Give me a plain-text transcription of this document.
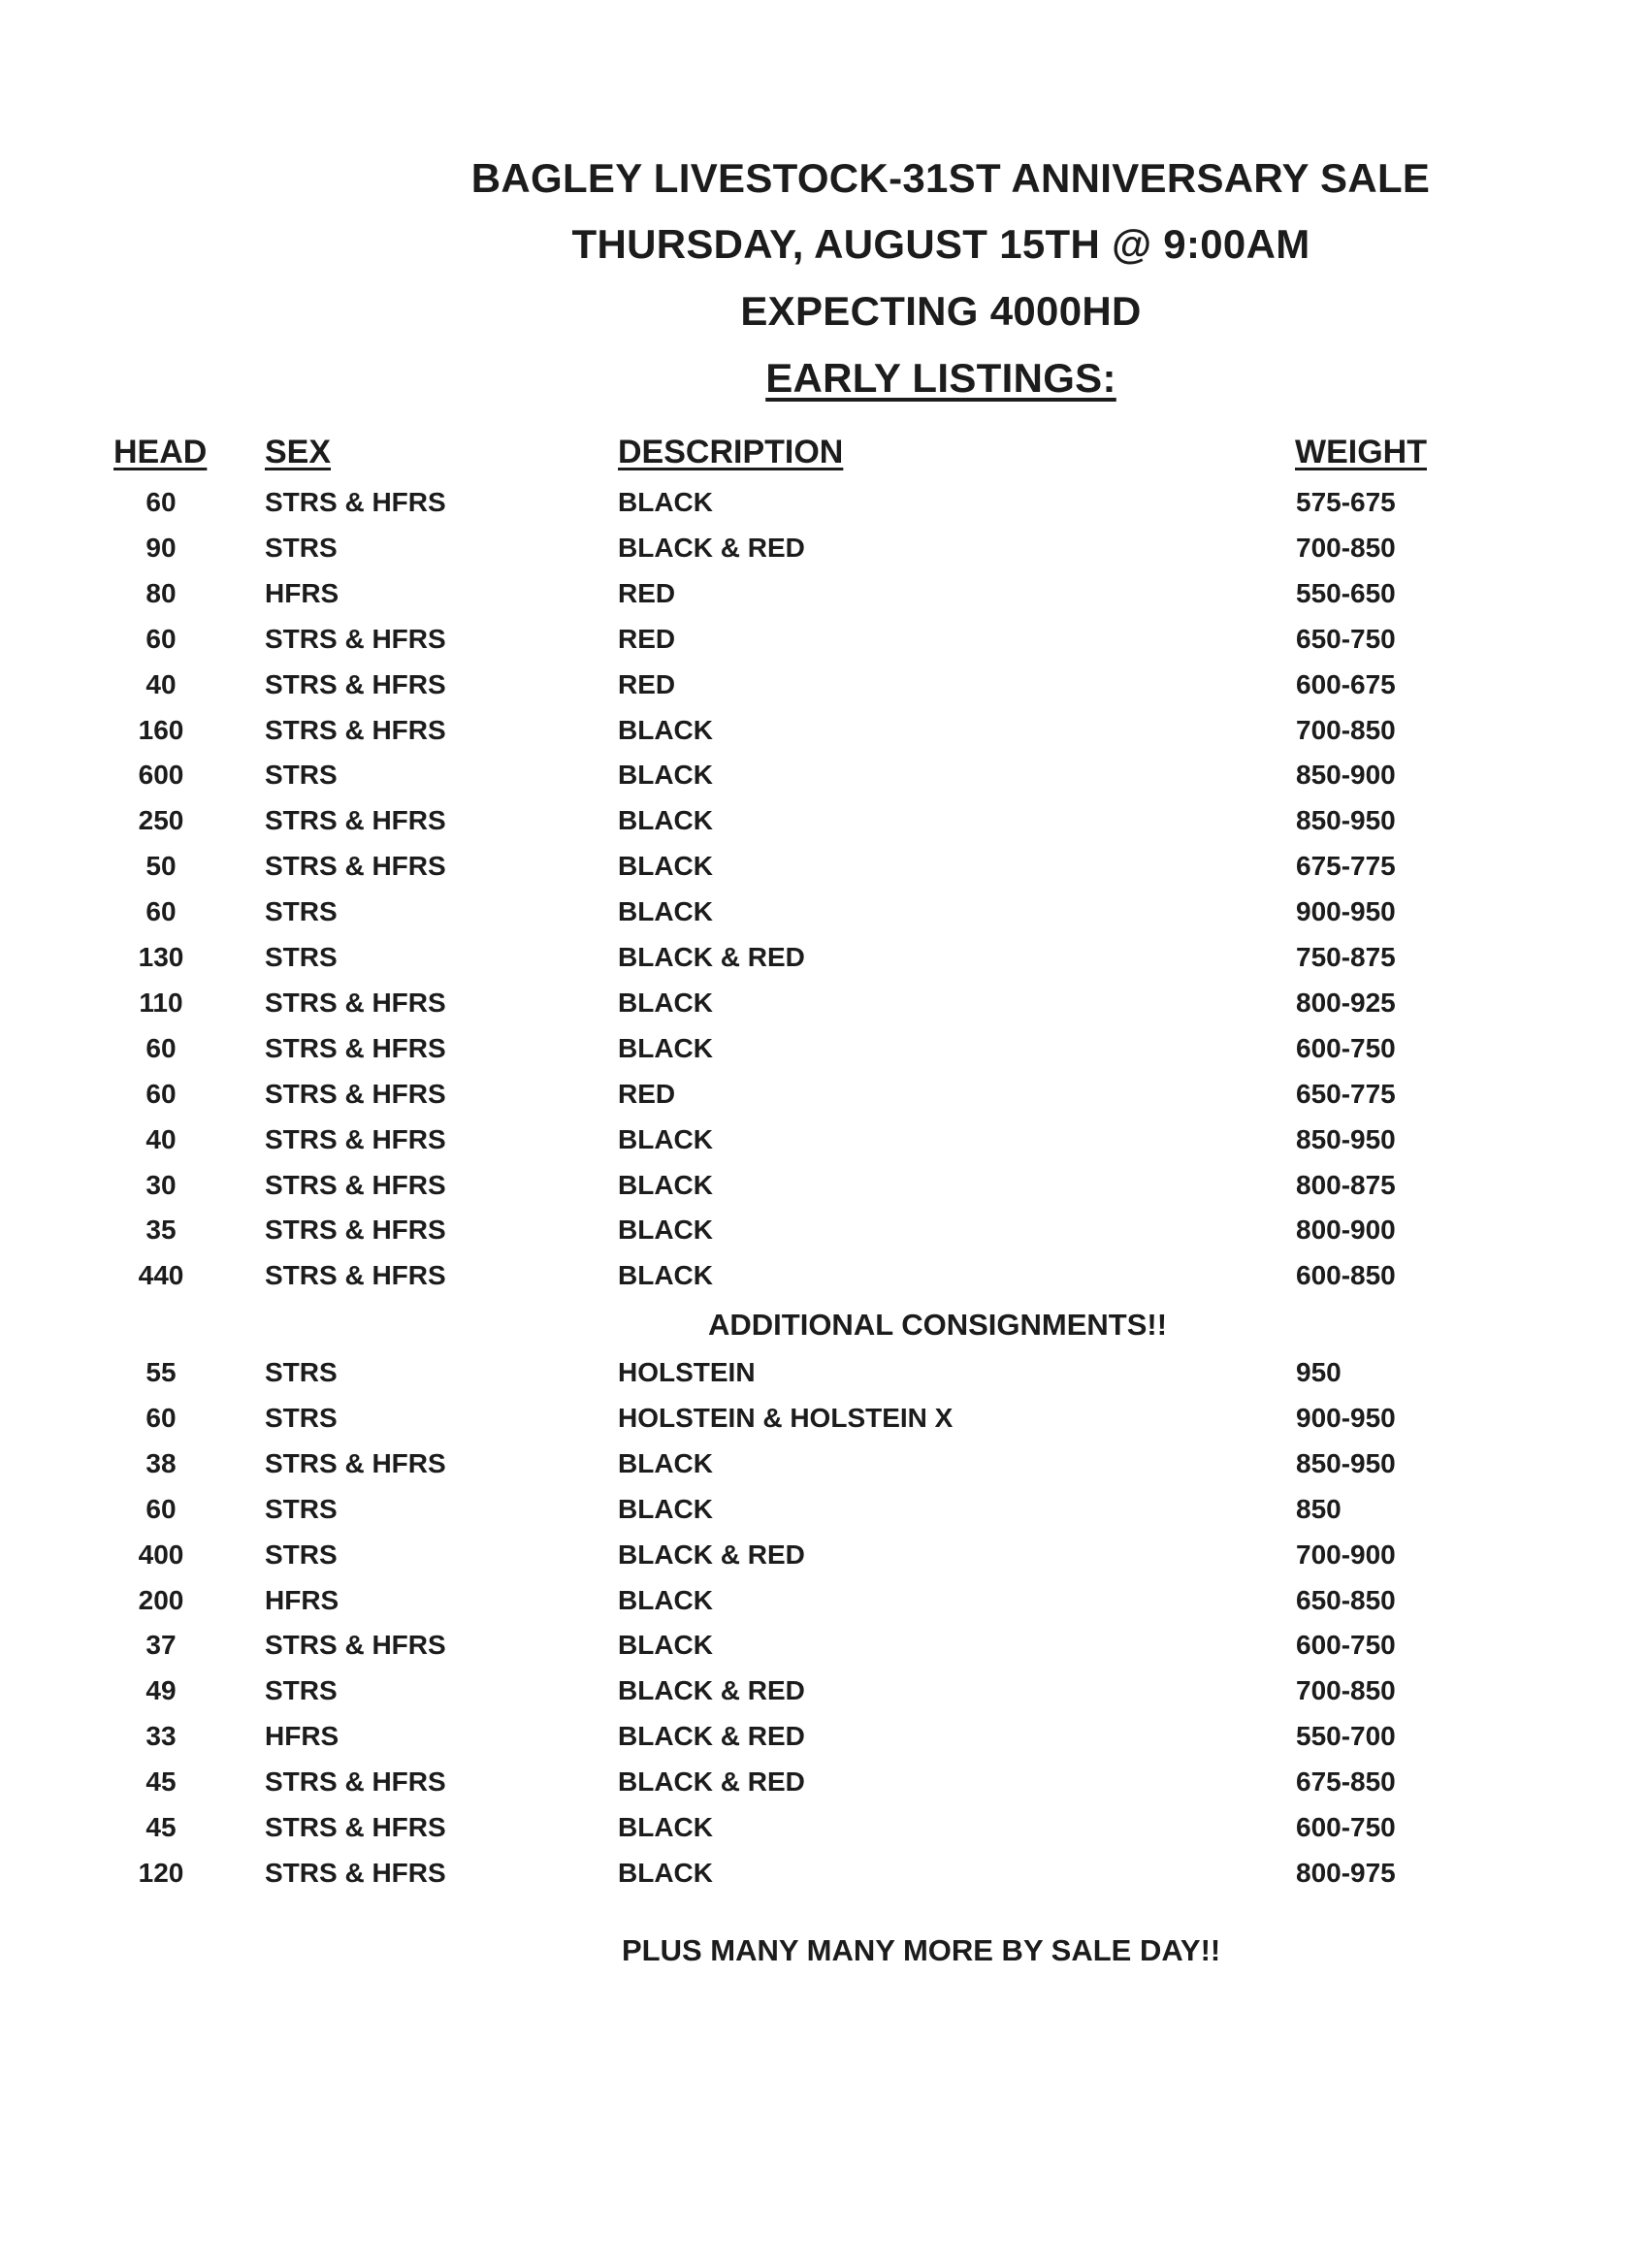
BAGLEY LIVESTOCK-31ST ANNIVERSARY SALE
THURSDAY, AUGUST 15TH @ 9:00AM
EXPECTING 4000HD
EARLY LISTINGS:
HEAD SEX	DESCRIPTION	WEIGHT
60	STRS & HFRS	BLACK	575-675
90	STRS	BLACK & RED	700-850
80	HFRS	RED	550-650
60	STRS & HFRS	RED	650-750
40	STRS & HFRS	RED	600-675
160	STRS & HFRS	BLACK	700-850
600	STRS	BLACK	850-900
250	STRS & HFRS	BLACK	850-950
50	STRS & HFRS	BLACK	675-775
60	STRS	BLACK	900-950
130	STRS	BLACK & RED	750-875
110	STRS & HFRS	BLACK	800-925
60	STRS & HFRS	BLACK	600-750
60	STRS & HFRS	RED	650-775
40	STRS & HFRS	BLACK	850-950
30	STRS & HFRS	BLACK	800-875
35	STRS & HFRS	BLACK	800-900
440	STRS & HFRS	BLACK	600-850
ADDITIONAL CONSIGNMENTS!!
55	STRS	HOLSTEIN	950
60	STRS	HOLSTEIN & HOLSTEIN X	900-950
38	STRS & HFRS	BLACK	850-950
60	STRS	BLACK	850
400	STRS	BLACK & RED	700-900
200	HFRS	BLACK	650-850
37	STRS & HFRS	BLACK	600-750
49	STRS	BLACK & RED	700-850
33	HFRS	BLACK & RED	550-700
45	STRS & HFRS	BLACK & RED	675-850
45	STRS & HFRS	BLACK	600-750
120	STRS & HFRS	BLACK	800-975
PLUS MANY MANY MORE BY SALE DAY!!
